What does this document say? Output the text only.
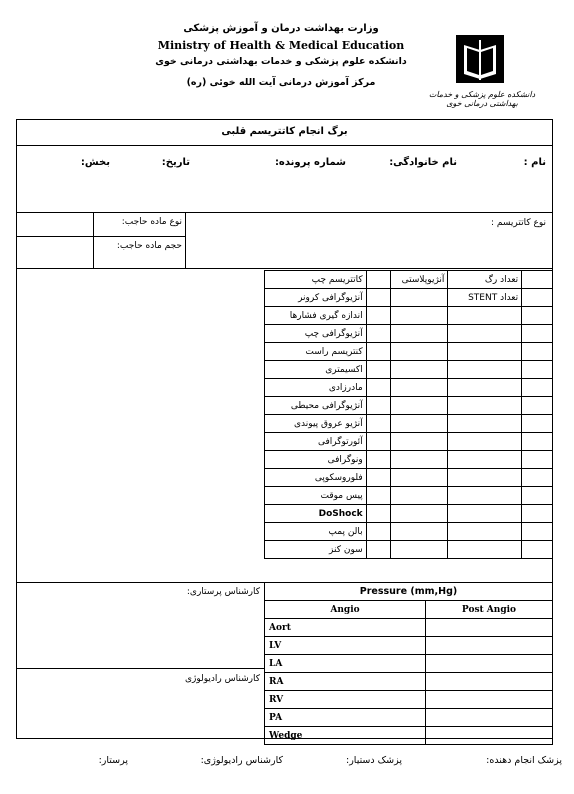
وزارت بهداشت درمان و آموزش پزشکی
Ministry of Health & Medical Education
دانشکده علوم پزشکی و خدمات بهداشتی درمانی خوی
مرکز آموزش درمانی آیت الله خوئی (ره)
دانشکده علوم پزشکی و خدمات بهداشتی درمانی خوی
برگ انجام کاتتریسم قلبی
نام :
نام خانوادگی:
شماره پرونده:
تاریخ:
بخش:
نوع کاتتریسم :
نوع ماده حاجب:
حجم ماده حاجب:
کاتتریسم چپ		آنژیوپلاستی	تعداد رگ	
آنژیوگرافی کرونر			تعداد STENT	
اندازه گیری فشارها				
آنژیوگرافی چپ				
کنتریسم راست				
اکسیمتری				
مادرزادی				
آنژیوگرافی محیطی				
آنژیو عروق پیوندی				
آئورتوگرافی				
ونوگرافی				
فلوروسکوپی				
پیس موقت				
DoShock				
بالن پمپ				
سون کنز				
کارشناس پرستاری:
کارشناس رادیولوژی
Pressure (mm,Hg)	
Angio	Post Angio
Aort	
LV	
LA	
RA	
RV	
PA	
Wedge	
پزشک انجام دهنده:
پزشک دستیار:
کارشناس رادیولوژی:
پرستار:
